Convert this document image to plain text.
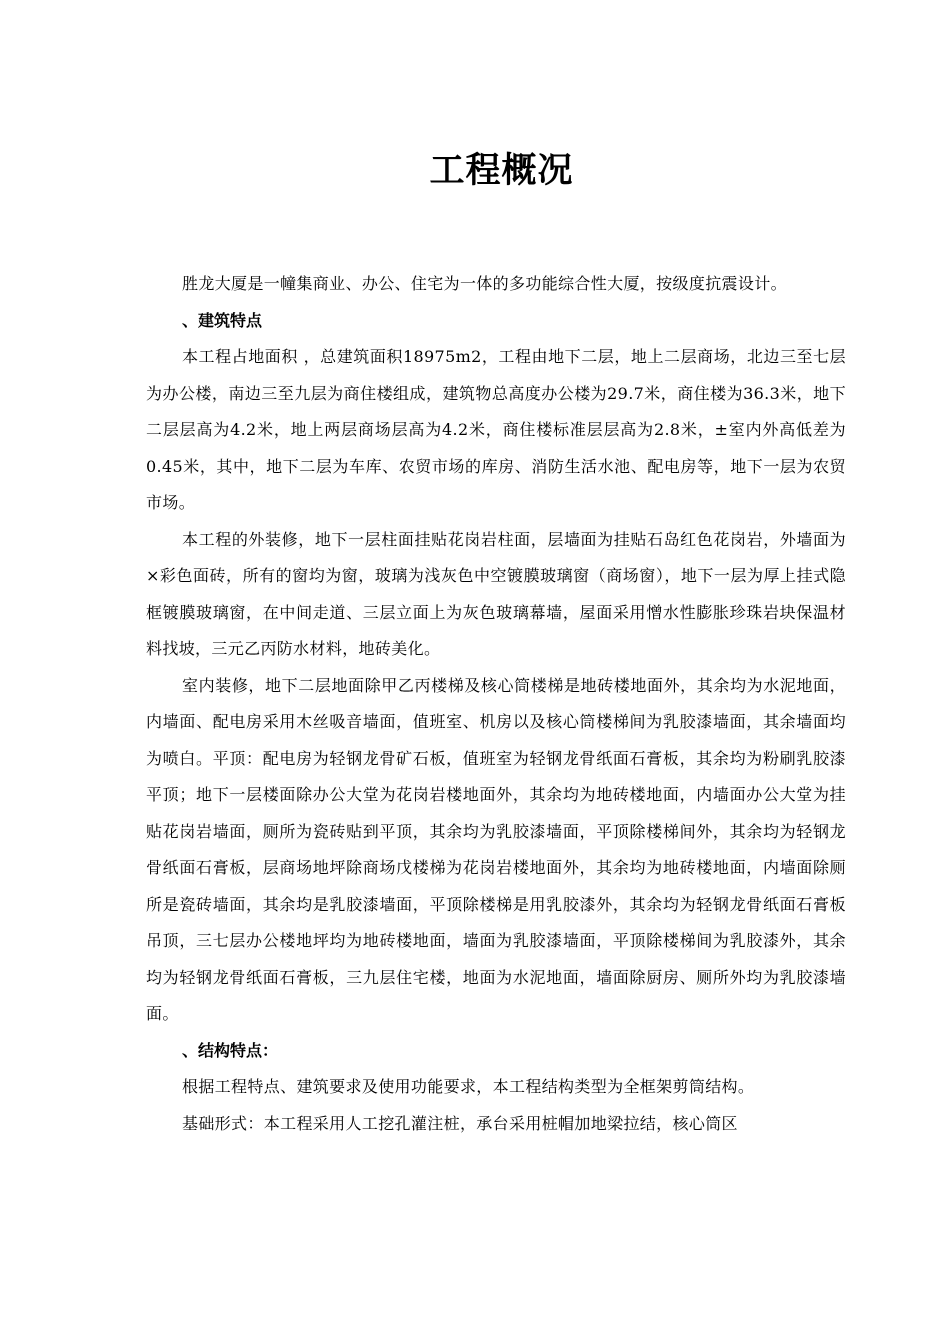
工程概况

胜龙大厦是一幢集商业、办公、住宅为一体的多功能综合性大厦，按级度抗震设计。

、建筑特点

本工程占地面积 ，总建筑面积18975m2，工程由地下二层，地上二层商场，北边三至七层为办公楼，南边三至九层为商住楼组成，建筑物总高度办公楼为29.7米，商住楼为36.3米，地下二层层高为4.2米，地上两层商场层高为4.2米，商住楼标准层层高为2.8米，±室内外高低差为0.45米，其中，地下二层为车库、农贸市场的库房、消防生活水池、配电房等，地下一层为农贸市场。

本工程的外装修，地下一层柱面挂贴花岗岩柱面，层墙面为挂贴石岛红色花岗岩，外墙面为×彩色面砖，所有的窗均为窗，玻璃为浅灰色中空镀膜玻璃窗（商场窗），地下一层为厚上挂式隐框镀膜玻璃窗，在中间走道、三层立面上为灰色玻璃幕墙，屋面采用憎水性膨胀珍珠岩块保温材料找坡，三元乙丙防水材料，地砖美化。

室内装修，地下二层地面除甲乙丙楼梯及核心筒楼梯是地砖楼地面外，其余均为水泥地面，内墙面、配电房采用木丝吸音墙面，值班室、机房以及核心筒楼梯间为乳胶漆墙面，其余墙面均为喷白。平顶：配电房为轻钢龙骨矿石板，值班室为轻钢龙骨纸面石膏板，其余均为粉刷乳胶漆平顶；地下一层楼面除办公大堂为花岗岩楼地面外，其余均为地砖楼地面，内墙面办公大堂为挂贴花岗岩墙面，厕所为瓷砖贴到平顶，其余均为乳胶漆墙面，平顶除楼梯间外，其余均为轻钢龙骨纸面石膏板，层商场地坪除商场戊楼梯为花岗岩楼地面外，其余均为地砖楼地面，内墙面除厕所是瓷砖墙面，其余均是乳胶漆墙面，平顶除楼梯是用乳胶漆外，其余均为轻钢龙骨纸面石膏板吊顶，三七层办公楼地坪均为地砖楼地面，墙面为乳胶漆墙面，平顶除楼梯间为乳胶漆外，其余均为轻钢龙骨纸面石膏板，三九层住宅楼，地面为水泥地面，墙面除厨房、厕所外均为乳胶漆墙面。

、结构特点：

根据工程特点、建筑要求及使用功能要求，本工程结构类型为全框架剪筒结构。

基础形式：本工程采用人工挖孔灌注桩，承台采用桩帽加地梁拉结，核心筒区
